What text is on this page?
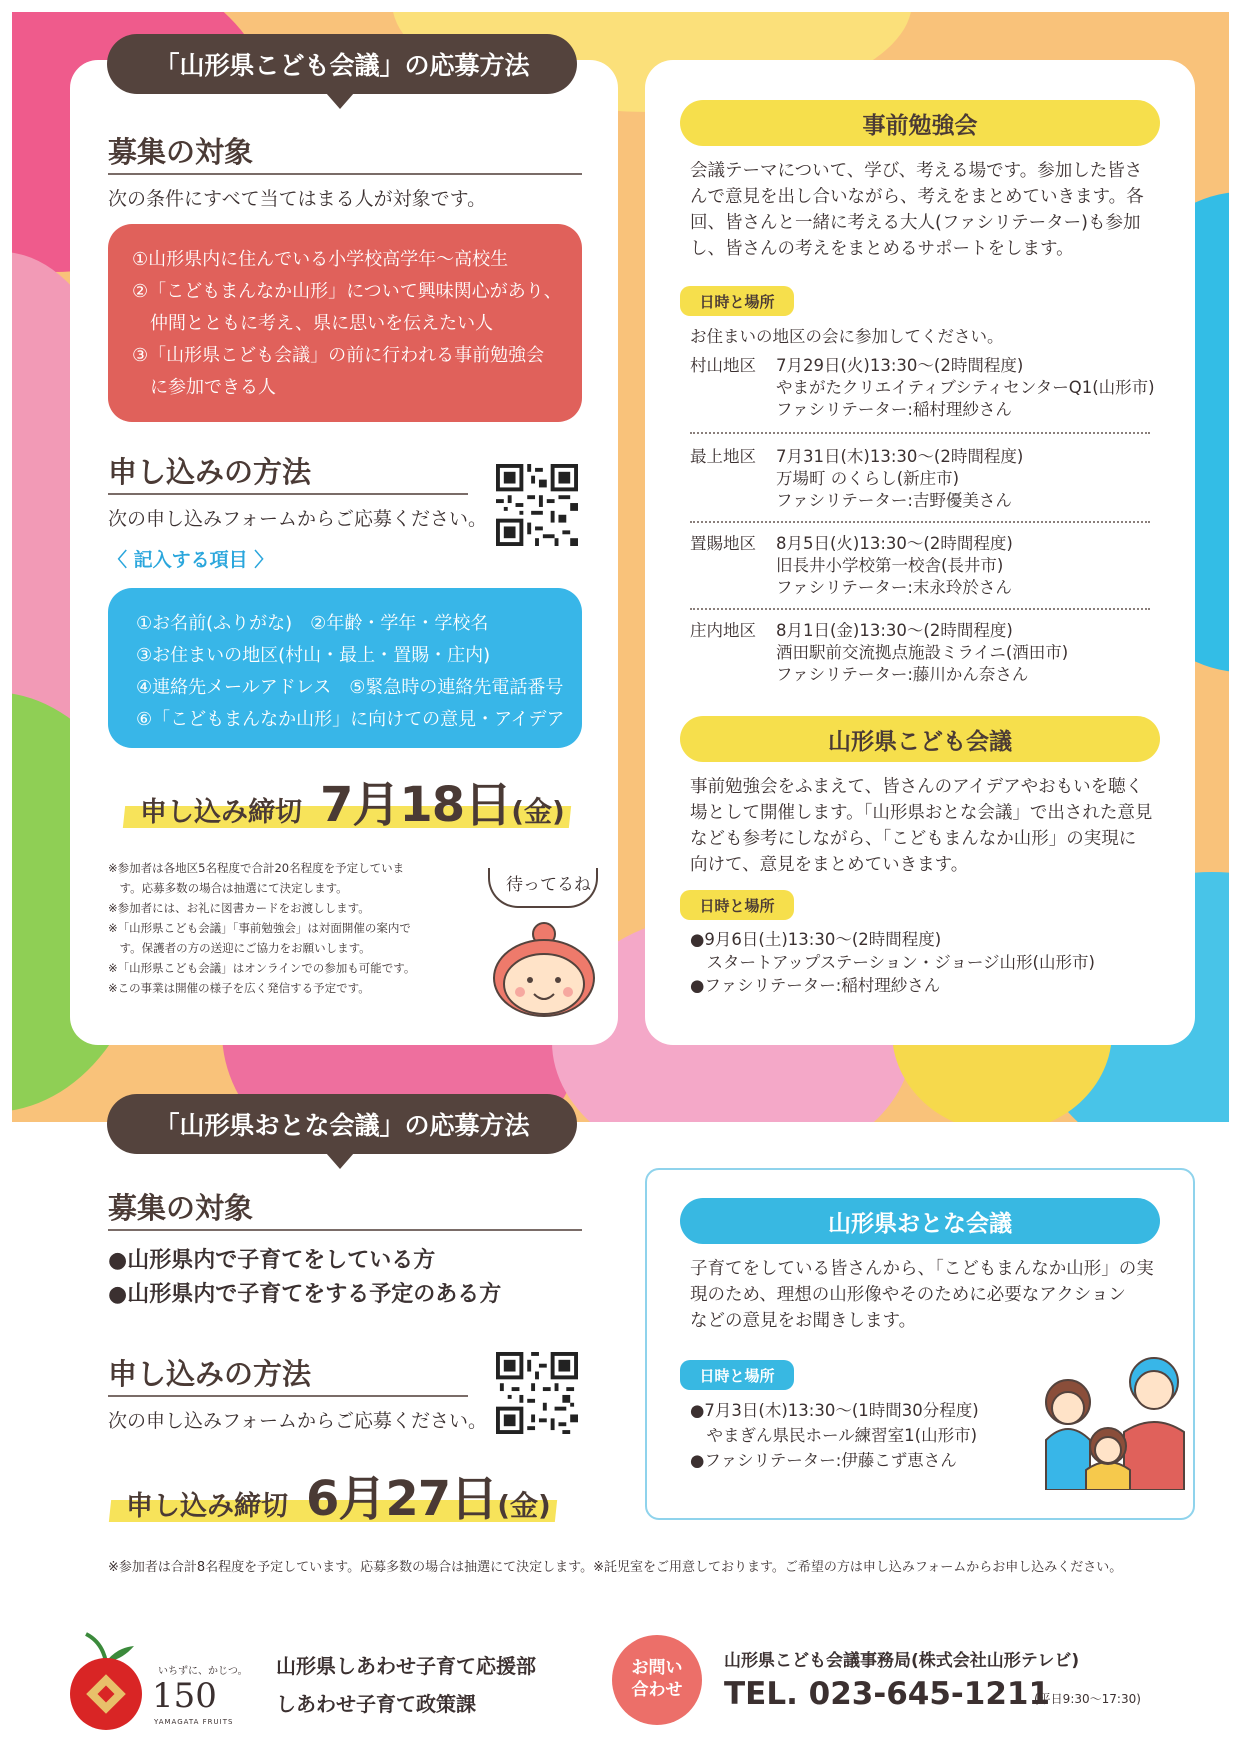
「山形県こども会議」の応募方法
募集の対象
次の条件にすべて当てはまる人が対象です。
①山形県内に住んでいる小学校高学年〜高校生
②「こどもまんなか山形」について興味関心があり、
　仲間とともに考え、県に思いを伝えたい人
③「山形県こども会議」の前に行われる事前勉強会
　に参加できる人
申し込みの方法
次の申し込みフォームからご応募ください。
〈 記入する項目 〉
①お名前(ふりがな)　②年齢・学年・学校名
③お住まいの地区(村山・最上・置賜・庄内)
④連絡先メールアドレス　⑤緊急時の連絡先電話番号
⑥「こどもまんなか山形」に向けての意見・アイデア
申し込み締切 7月18日 (金)
※参加者は各地区5名程度で合計20名程度を予定していま
　す。応募多数の場合は抽選にて決定します。
※参加者には、お礼に図書カードをお渡しします。
※「山形県こども会議」「事前勉強会」は対面開催の案内で
　す。保護者の方の送迎にご協力をお願いします。
※「山形県こども会議」はオンラインでの参加も可能です。
※この事業は開催の様子を広く発信する予定です。
待ってるね
事前勉強会
会議テーマについて、学び、考える場です。参加した皆さ
んで意見を出し合いながら、考えをまとめていきます。各
回、皆さんと一緒に考える大人(ファシリテーター)も参加
し、皆さんの考えをまとめるサポートをします。
日時と場所
お住まいの地区の会に参加してください。
村山地区 7月29日(火)13:30〜(2時間程度)
やまがたクリエイティブシティセンターQ1(山形市)
ファシリテーター:稲村理紗さん
最上地区 7月31日(木)13:30〜(2時間程度)
万場町 のくらし(新庄市)
ファシリテーター:吉野優美さん
置賜地区 8月5日(火)13:30〜(2時間程度)
旧長井小学校第一校舎(長井市)
ファシリテーター:末永玲於さん
庄内地区 8月1日(金)13:30〜(2時間程度)
酒田駅前交流拠点施設ミライニ(酒田市)
ファシリテーター:藤川かん奈さん
山形県こども会議
事前勉強会をふまえて、皆さんのアイデアやおもいを聴く
場として開催します。「山形県おとな会議」で出された意見
なども参考にしながら、「こどもまんなか山形」の実現に
向けて、意見をまとめていきます。
日時と場所
●9月6日(土)13:30〜(2時間程度)
　スタートアップステーション・ジョージ山形(山形市)
●ファシリテーター:稲村理紗さん
「山形県おとな会議」の応募方法
募集の対象
●山形県内で子育てをしている方
●山形県内で子育てをする予定のある方
申し込みの方法
次の申し込みフォームからご応募ください。
申し込み締切 6月27日 (金)
山形県おとな会議
子育てをしている皆さんから、「こどもまんなか山形」の実
現のため、理想の山形像やそのために必要なアクション
などの意見をお聞きします。
日時と場所
●7月3日(木)13:30〜(1時間30分程度)
　やまぎん県民ホール練習室1(山形市)
●ファシリテーター:伊藤こず恵さん
※参加者は合計8名程度を予定しています。応募多数の場合は抽選にて決定します。※託児室をご用意しております。ご希望の方は申し込みフォームからお申し込みください。
いちずに、かじつ。
150
YAMAGATA FRUITS
山形県しあわせ子育て応援部
しあわせ子育て政策課
お問い
合わせ
山形県こども会議事務局(株式会社山形テレビ)
TEL. 023-645-1211
(平日9:30〜17:30)
